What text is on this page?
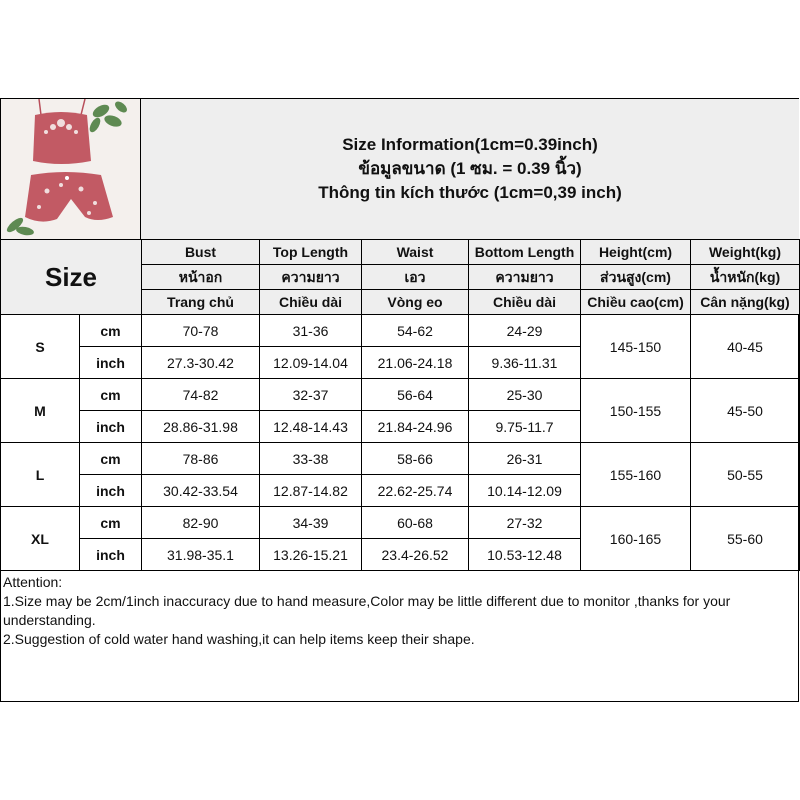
Size Information(1cm=0.39inch)
ข้อมูลขนาด (1 ซม. = 0.39 นิ้ว)
Thông tin kích thước (1cm=0,39 inch)
Size		Bust	Top Length	Waist	Bottom Length	Height(cm)	Weight(kg)
		หน้าอก	ความยาว	เอว	ความยาว	ส่วนสูง(cm)	น้ำหนัก(kg)
		Trang chủ	Chiều dài	Vòng eo	Chiều dài	Chiều cao(cm)	Cân nặng(kg)
S	cm	70-78	31-36	54-62	24-29	145-150	40-45
	inch	27.3-30.42	12.09-14.04	21.06-24.18	9.36-11.31		
M	cm	74-82	32-37	56-64	25-30	150-155	45-50
	inch	28.86-31.98	12.48-14.43	21.84-24.96	9.75-11.7		
L	cm	78-86	33-38	58-66	26-31	155-160	50-55
	inch	30.42-33.54	12.87-14.82	22.62-25.74	10.14-12.09		
XL	cm	82-90	34-39	60-68	27-32	160-165	55-60
	inch	31.98-35.1	13.26-15.21	23.4-26.52	10.53-12.48		
Attention:
1.Size may be 2cm/1inch inaccuracy due to hand measure,Color may be little different due to monitor ,thanks for your understanding.
2.Suggestion of cold water hand washing,it can help items keep their shape.
